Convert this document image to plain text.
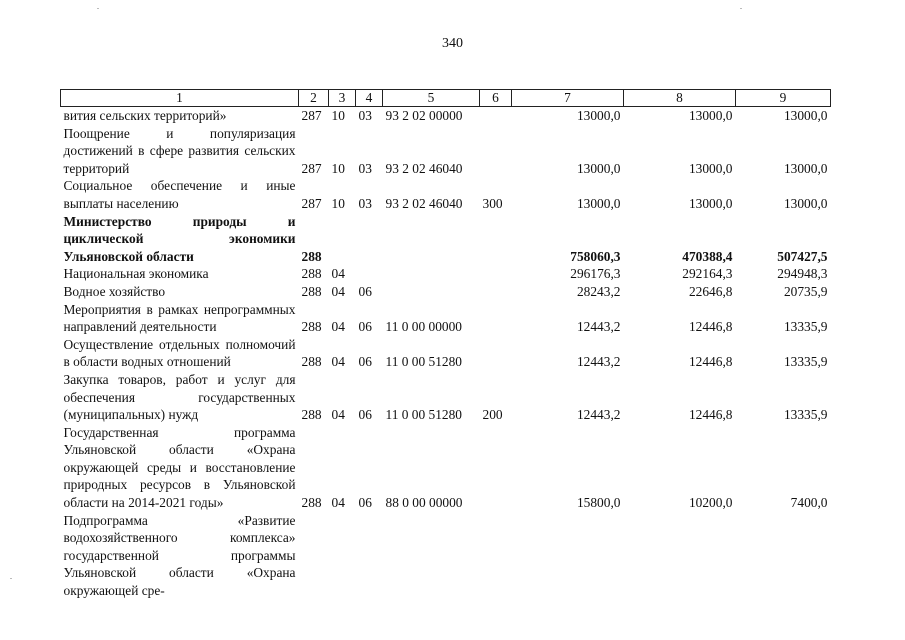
340
1	2	3	4	5	6	7	8	9
вития сельских территорий»	287	10	03	93 2 02 00000		13000,0	13000,0	13000,0
Поощрение и популяризация достижений в сфере развития сельских территорий	287	10	03	93 2 02 46040		13000,0	13000,0	13000,0
Социальное обеспечение и иные выплаты населению	287	10	03	93 2 02 46040	300	13000,0	13000,0	13000,0
Министерство природы и циклической экономики Ульяновской области	288					758060,3	470388,4	507427,5
Национальная экономика	288	04				296176,3	292164,3	294948,3
Водное хозяйство	288	04	06			28243,2	22646,8	20735,9
Мероприятия в рамках непрограммных направлений деятельности	288	04	06	11 0 00 00000		12443,2	12446,8	13335,9
Осуществление отдельных полномочий в области водных отношений	288	04	06	11 0 00 51280		12443,2	12446,8	13335,9
Закупка товаров, работ и услуг для обеспечения государственных (муниципальных) нужд	288	04	06	11 0 00 51280	200	12443,2	12446,8	13335,9
Государственная программа Ульяновской области «Охрана окружающей среды и восстановление природных ресурсов в Ульяновской области на 2014-2021 годы»	288	04	06	88 0 00 00000		15800,0	10200,0	7400,0
Подпрограмма «Развитие водохозяйственного комплекса» государственной программы Ульяновской области «Охрана окружающей сре-								
